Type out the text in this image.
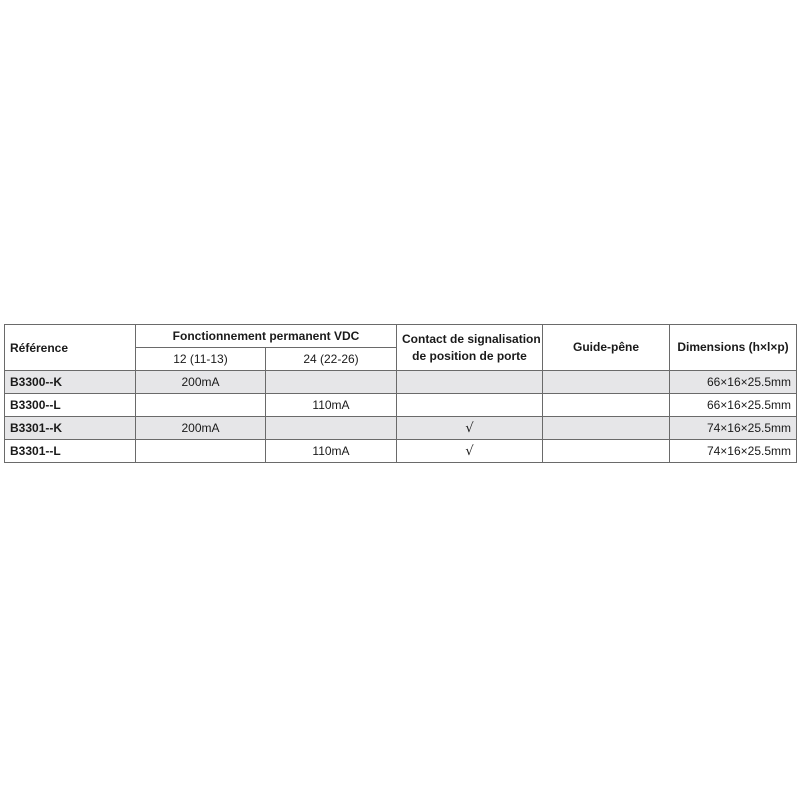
Référence	Fonctionnement permanent VDC		Contact de signalisation
de position de porte	Guide-pêne	Dimensions (h×l×p)
	12 (11-13)	24 (22-26)			
B3300--K	200mA				66×16×25.5mm
B3300--L		110mA			66×16×25.5mm
B3301--K	200mA		√		74×16×25.5mm
B3301--L		110mA	√		74×16×25.5mm
